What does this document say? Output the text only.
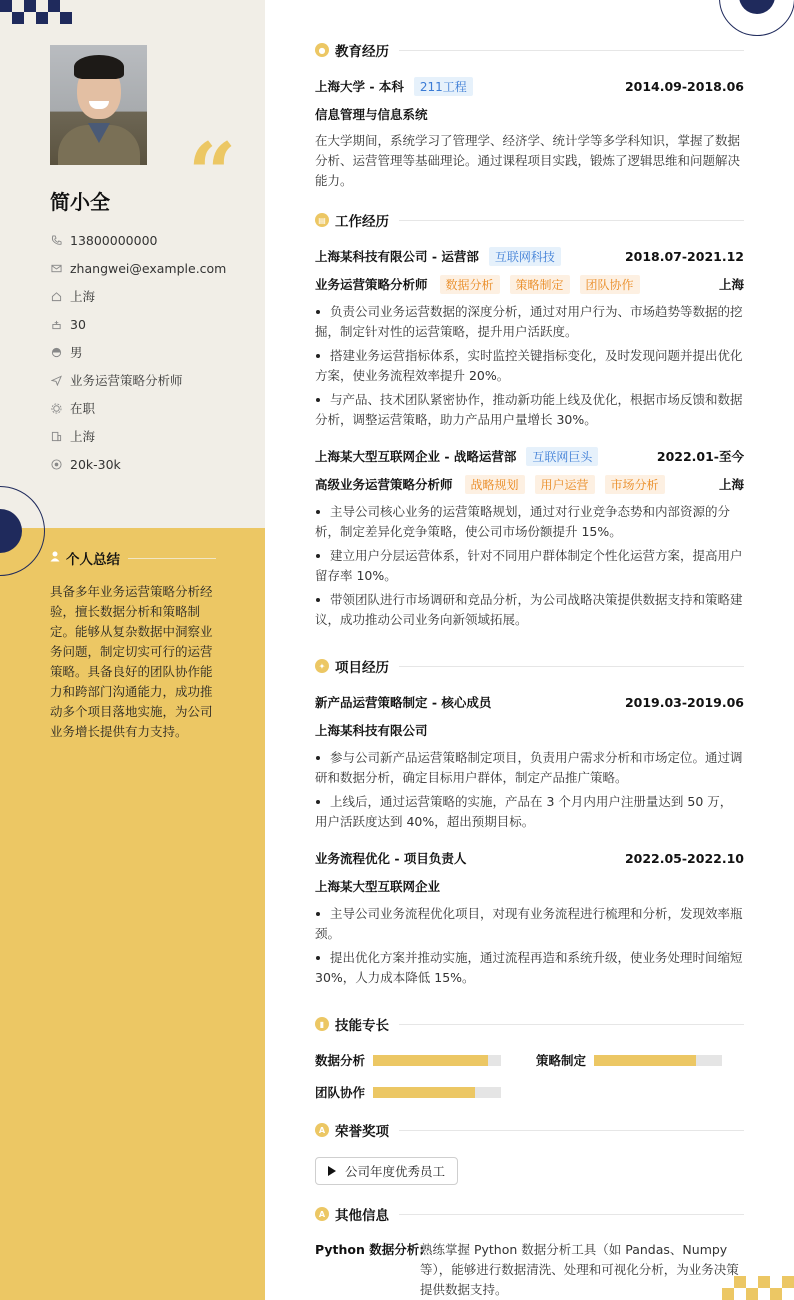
“
简小全
13800000000
zhangwei@example.com
上海
30
男
业务运营策略分析师
在职
上海
20k-30k
个人总结
具备多年业务运营策略分析经验，擅长数据分析和策略制定。能够从复杂数据中洞察业务问题，制定切实可行的运营策略。具备良好的团队协作能力和跨部门沟通能力，成功推动多个项目落地实施，为公司业务增长提供有力支持。
● 教育经历
上海大学 - 本科	211工程	2014.09-2018.06
信息管理与信息系统
在大学期间，系统学习了管理学、经济学、统计学等多学科知识，掌握了数据分析、运营管理等基础理论。通过课程项目实践，锻炼了逻辑思维和问题解决能力。
▤ 工作经历
上海某科技有限公司 - 运营部	互联网科技	2018.07-2021.12
业务运营策略分析师	数据分析	策略制定	团队协作	上海
负责公司业务运营数据的深度分析，通过对用户行为、市场趋势等数据的挖掘，制定针对性的运营策略，提升用户活跃度。
搭建业务运营指标体系，实时监控关键指标变化，及时发现问题并提出优化方案，使业务流程效率提升 20%。
与产品、技术团队紧密协作，推动新功能上线及优化，根据市场反馈和数据分析，调整运营策略，助力产品用户量增长 30%。
上海某大型互联网企业 - 战略运营部	互联网巨头	2022.01-至今
高级业务运营策略分析师	战略规划	用户运营	市场分析	上海
主导公司核心业务的运营策略规划，通过对行业竞争态势和内部资源的分析，制定差异化竞争策略，使公司市场份额提升 15%。
建立用户分层运营体系，针对不同用户群体制定个性化运营方案，提高用户留存率 10%。
带领团队进行市场调研和竞品分析，为公司战略决策提供数据支持和策略建议，成功推动公司业务向新领域拓展。
✦ 项目经历
新产品运营策略制定 - 核心成员	2019.03-2019.06
上海某科技有限公司
参与公司新产品运营策略制定项目，负责用户需求分析和市场定位。通过调研和数据分析，确定目标用户群体，制定产品推广策略。
上线后，通过运营策略的实施，产品在 3 个月内用户注册量达到 50 万，用户活跃度达到 40%，超出预期目标。
业务流程优化 - 项目负责人	2022.05-2022.10
上海某大型互联网企业
主导公司业务流程优化项目，对现有业务流程进行梳理和分析，发现效率瓶颈。
提出优化方案并推动实施，通过流程再造和系统升级，使业务处理时间缩短 30%，人力成本降低 15%。
▮ 技能专长
数据分析	策略制定
团队协作
A 荣誉奖项
公司年度优秀员工
A 其他信息
Python 数据分析:
熟练掌握 Python 数据分析工具（如 Pandas、Numpy 等），能够进行数据清洗、处理和可视化分析，为业务决策提供数据支持。
